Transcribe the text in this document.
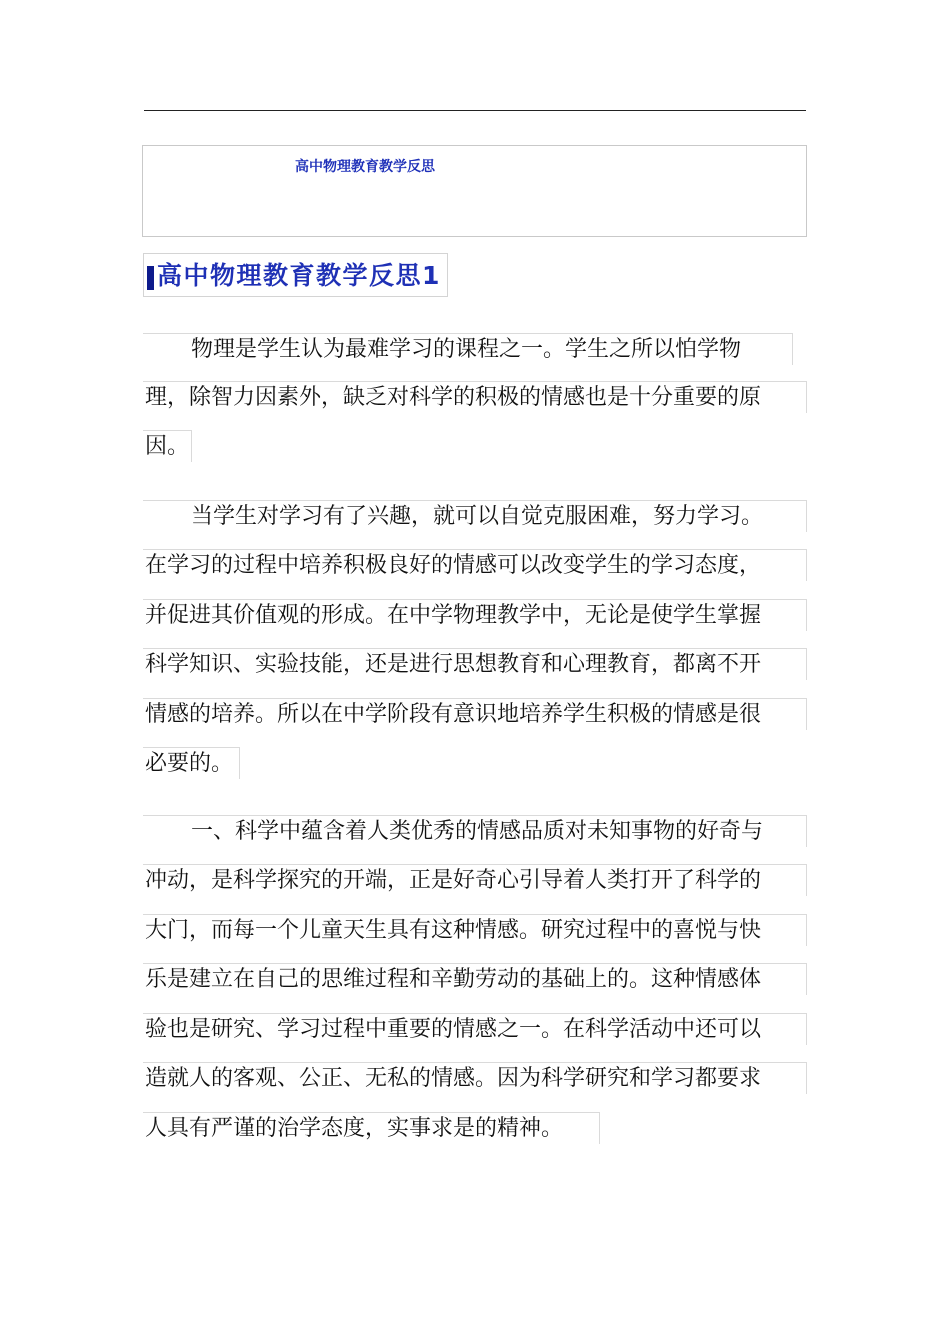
高中物理教育教学反思
高中物理教育教学反思1
物理是学生认为最难学习的课程之一。学生之所以怕学物
理，除智力因素外，缺乏对科学的积极的情感也是十分重要的原
因。
当学生对学习有了兴趣，就可以自觉克服困难，努力学习。
在学习的过程中培养积极良好的情感可以改变学生的学习态度，
并促进其价值观的形成。在中学物理教学中，无论是使学生掌握
科学知识、实验技能，还是进行思想教育和心理教育，都离不开
情感的培养。所以在中学阶段有意识地培养学生积极的情感是很
必要的。
一、科学中蕴含着人类优秀的情感品质对未知事物的好奇与
冲动，是科学探究的开端，正是好奇心引导着人类打开了科学的
大门，而每一个儿童天生具有这种情感。研究过程中的喜悦与快
乐是建立在自己的思维过程和辛勤劳动的基础上的。这种情感体
验也是研究、学习过程中重要的情感之一。在科学活动中还可以
造就人的客观、公正、无私的情感。因为科学研究和学习都要求
人具有严谨的治学态度，实事求是的精神。
